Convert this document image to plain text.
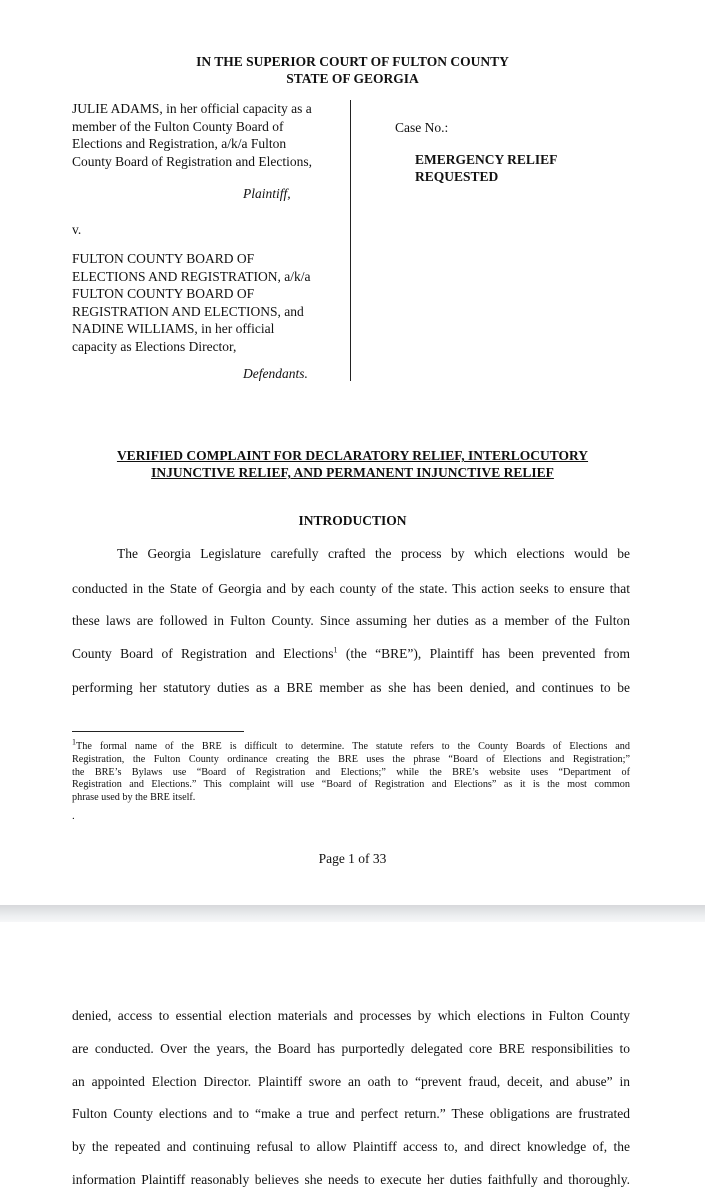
IN THE SUPERIOR COURT OF FULTON COUNTY
STATE OF GEORGIA
JULIE ADAMS, in her official capacity as a
member of the Fulton County Board of
Elections and Registration, a/k/a Fulton
County Board of Registration and Elections,
Plaintiff,
v.
FULTON COUNTY BOARD OF
ELECTIONS AND REGISTRATION, a/k/a
FULTON COUNTY BOARD OF
REGISTRATION AND ELECTIONS, and
NADINE WILLIAMS, in her official
capacity as Elections Director,
Defendants.
Case No.:
EMERGENCY RELIEF
REQUESTED
VERIFIED COMPLAINT FOR DECLARATORY RELIEF, INTERLOCUTORY
INJUNCTIVE RELIEF, AND PERMANENT INJUNCTIVE RELIEF
INTRODUCTION
The Georgia Legislature carefully crafted the process by which elections would be
conducted in the State of Georgia and by each county of the state. This action seeks to ensure that
these laws are followed in Fulton County. Since assuming her duties as a member of the Fulton
County Board of Registration and Elections$^1$ (the “BRE”), Plaintiff has been prevented from
performing her statutory duties as a BRE member as she has been denied, and continues to be
$^1$The formal name of the BRE is difficult to determine. The statute refers to the County Boards of Elections and
Registration, the Fulton County ordinance creating the BRE uses the phrase “Board of Elections and Registration;”
the BRE’s Bylaws use “Board of Registration and Elections;” while the BRE’s website uses “Department of
Registration and Elections.” This complaint will use “Board of Registration and Elections” as it is the most common
phrase used by the BRE itself.
.
Page 1 of 33
denied, access to essential election materials and processes by which elections in Fulton County
are conducted. Over the years, the Board has purportedly delegated core BRE responsibilities to
an appointed Election Director. Plaintiff swore an oath to “prevent fraud, deceit, and abuse” in
Fulton County elections and to “make a true and perfect return.” These obligations are frustrated
by the repeated and continuing refusal to allow Plaintiff access to, and direct knowledge of, the
information Plaintiff reasonably believes she needs to execute her duties faithfully and thoroughly.
